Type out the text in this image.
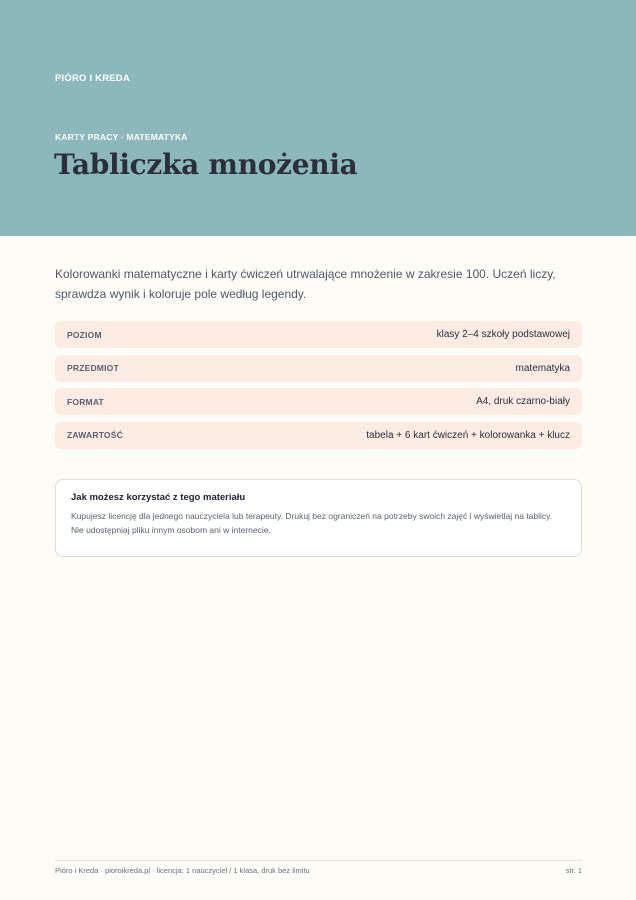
PIÓRO I KREDA
KARTY PRACY · MATEMATYKA
Tabliczka mnożenia

Kolorowanki matematyczne i karty ćwiczeń utrwalające mnożenie w zakresie 100. Uczeń liczy, sprawdza wynik i koloruje pole według legendy.

POZIOM	klasy 2–4 szkoły podstawowej
PRZEDMIOT	matematyka
FORMAT	A4, druk czarno-biały
ZAWARTOŚĆ	tabela + 6 kart ćwiczeń + kolorowanka + klucz

Jak możesz korzystać z tego materiału

Kupujesz licencję dla jednego nauczyciela lub terapeuty. Drukuj bez ograniczeń na potrzeby swoich zajęć i wyświetlaj na tablicy. Nie udostępniaj pliku innym osobom ani w internecie.

Pióro i Kreda · pioroikreda.pl · licencja: 1 nauczyciel / 1 klasa, druk bez limitu	str. 1
